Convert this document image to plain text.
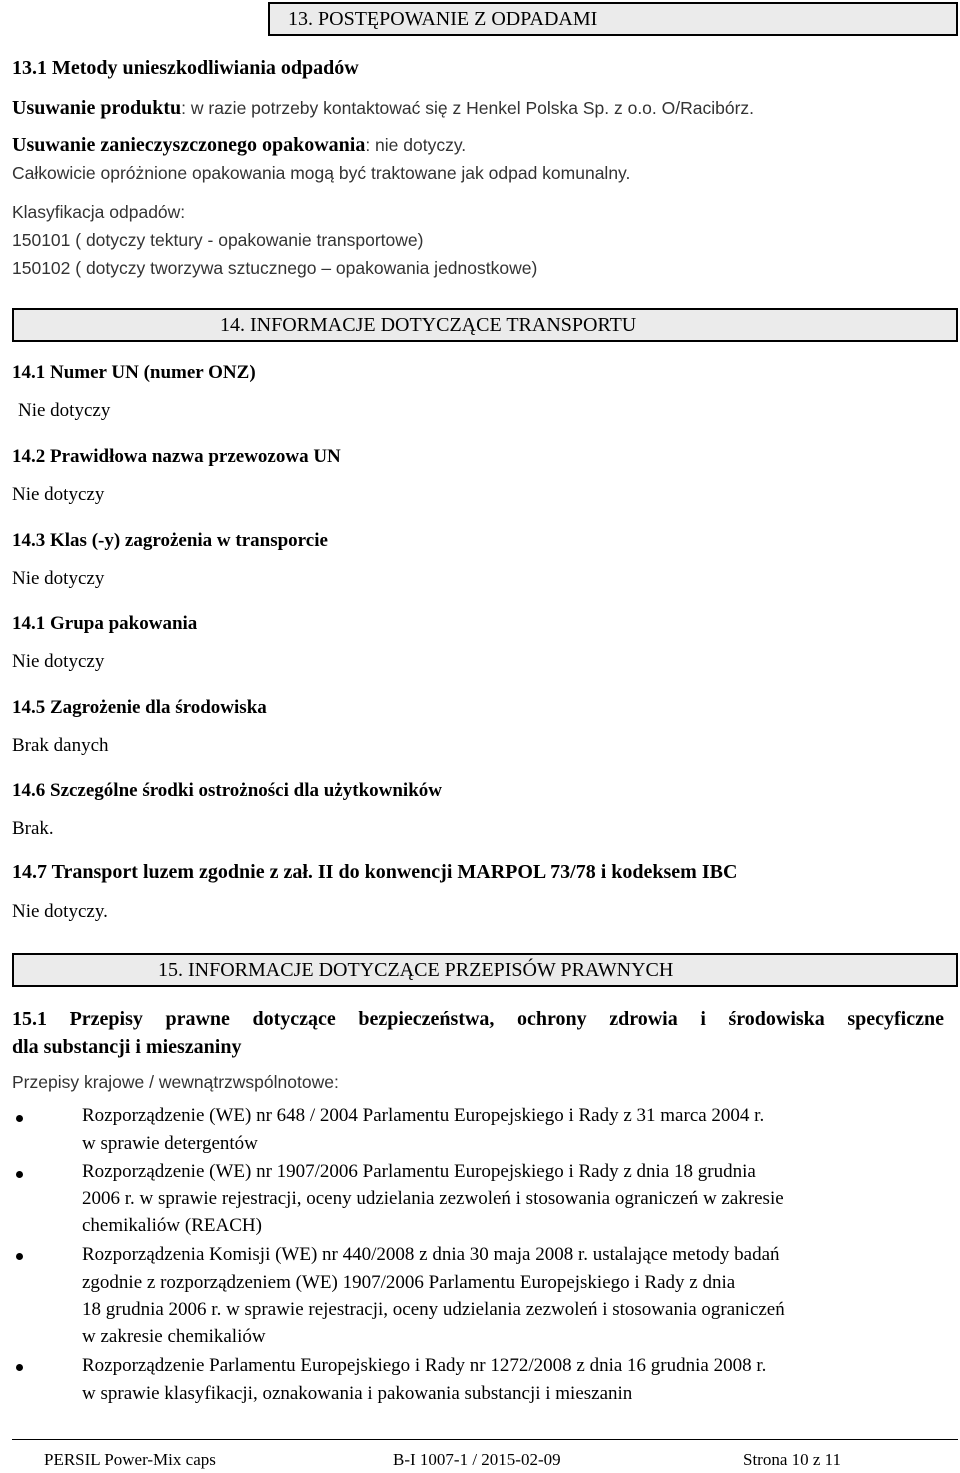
13. POSTĘPOWANIE Z ODPADAMI
13.1 Metody unieszkodliwiania odpadów
Usuwanie produktu: w razie potrzeby kontaktować się z Henkel Polska Sp. z o.o. O/Racibórz.
Usuwanie zanieczyszczonego opakowania: nie dotyczy.
Całkowicie opróżnione opakowania mogą być traktowane jak odpad komunalny.
Klasyfikacja odpadów:
150101 ( dotyczy tektury - opakowanie transportowe)
150102 ( dotyczy tworzywa sztucznego – opakowania jednostkowe)
14. INFORMACJE DOTYCZĄCE TRANSPORTU
14.1 Numer UN (numer ONZ)
Nie dotyczy
14.2 Prawidłowa nazwa przewozowa UN
Nie dotyczy
14.3 Klas (-y) zagrożenia w transporcie
Nie dotyczy
14.1 Grupa pakowania
Nie dotyczy
14.5 Zagrożenie dla środowiska
Brak danych
14.6 Szczególne środki ostrożności dla użytkowników
Brak.
14.7 Transport luzem zgodnie z zał. II do konwencji MARPOL 73/78 i kodeksem IBC
Nie dotyczy.
15. INFORMACJE DOTYCZĄCE PRZEPISÓW PRAWNYCH
15.1 Przepisy prawne dotyczące bezpieczeństwa, ochrony zdrowia i środowiska specyficzne
dla substancji i mieszaniny
Przepisy krajowe / wewnątrzwspólnotowe:
Rozporządzenie (WE) nr 648 / 2004 Parlamentu Europejskiego i Rady z 31 marca 2004 r.
w sprawie detergentów
Rozporządzenie (WE) nr 1907/2006 Parlamentu Europejskiego i Rady z dnia 18 grudnia
2006 r. w sprawie rejestracji, oceny udzielania zezwoleń i stosowania ograniczeń w zakresie
chemikaliów (REACH)
Rozporządzenia Komisji (WE) nr 440/2008 z dnia 30 maja 2008 r. ustalające metody badań
zgodnie z rozporządzeniem (WE) 1907/2006 Parlamentu Europejskiego i Rady z dnia
18 grudnia 2006 r. w sprawie rejestracji, oceny udzielania zezwoleń i stosowania ograniczeń
w zakresie chemikaliów
Rozporządzenie Parlamentu Europejskiego i Rady nr 1272/2008 z dnia 16 grudnia 2008 r.
w sprawie klasyfikacji, oznakowania i pakowania substancji i mieszanin
PERSIL Power-Mix caps	B-I 1007-1 / 2015-02-09	Strona 10 z 11
